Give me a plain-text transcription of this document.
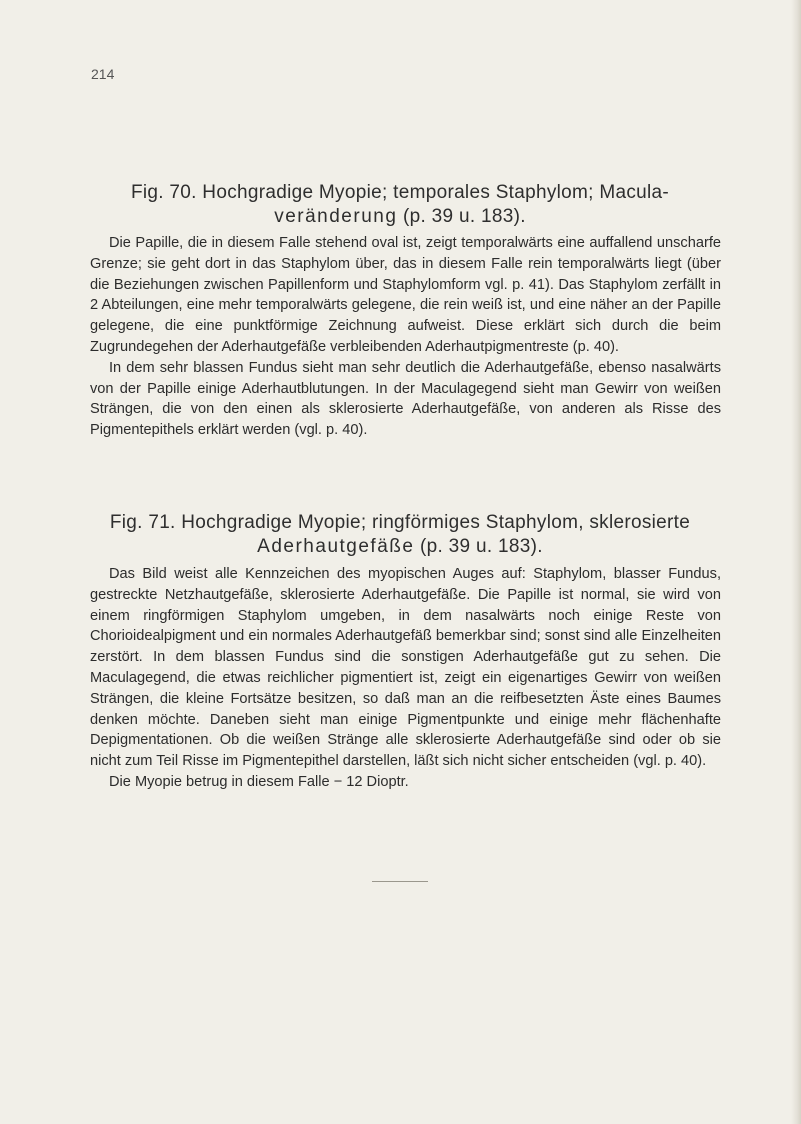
214
Fig. 70. Hochgradige Myopie; temporales Staphylom; Macula-
veränderung (p. 39 u. 183).

Die Papille, die in diesem Falle stehend oval ist, zeigt temporalwärts eine auffallend unscharfe Grenze; sie geht dort in das Staphylom über, das in diesem Falle rein temporalwärts liegt (über die Beziehungen zwischen Papillenform und Staphylomform vgl. p. 41). Das Staphylom zerfällt in 2 Abteilungen, eine mehr temporalwärts gelegene, die rein weiß ist, und eine näher an der Papille gelegene, die eine punktförmige Zeichnung aufweist. Diese erklärt sich durch die beim Zugrundegehen der Aderhautgefäße verbleibenden Aderhautpigmentreste (p. 40).

In dem sehr blassen Fundus sieht man sehr deutlich die Aderhautgefäße, ebenso nasalwärts von der Papille einige Aderhautblutungen. In der Maculagegend sieht man Gewirr von weißen Strängen, die von den einen als sklerosierte Aderhautgefäße, von anderen als Risse des Pigmentepithels erklärt werden (vgl. p. 40).

Fig. 71. Hochgradige Myopie; ringförmiges Staphylom, sklerosierte
Aderhautgefäße (p. 39 u. 183).

Das Bild weist alle Kennzeichen des myopischen Auges auf: Staphylom, blasser Fundus, gestreckte Netzhautgefäße, sklerosierte Aderhautgefäße. Die Papille ist normal, sie wird von einem ringförmigen Staphylom umgeben, in dem nasalwärts noch einige Reste von Chorioidealpigment und ein normales Aderhautgefäß bemerkbar sind; sonst sind alle Einzelheiten zerstört. In dem blassen Fundus sind die sonstigen Aderhautgefäße gut zu sehen. Die Maculagegend, die etwas reichlicher pigmentiert ist, zeigt ein eigenartiges Gewirr von weißen Strängen, die kleine Fortsätze besitzen, so daß man an die reifbesetzten Äste eines Baumes denken möchte. Daneben sieht man einige Pigmentpunkte und einige mehr flächenhafte Depigmentationen. Ob die weißen Stränge alle sklerosierte Aderhautgefäße sind oder ob sie nicht zum Teil Risse im Pigmentepithel darstellen, läßt sich nicht sicher entscheiden (vgl. p. 40).

Die Myopie betrug in diesem Falle − 12 Dioptr.
